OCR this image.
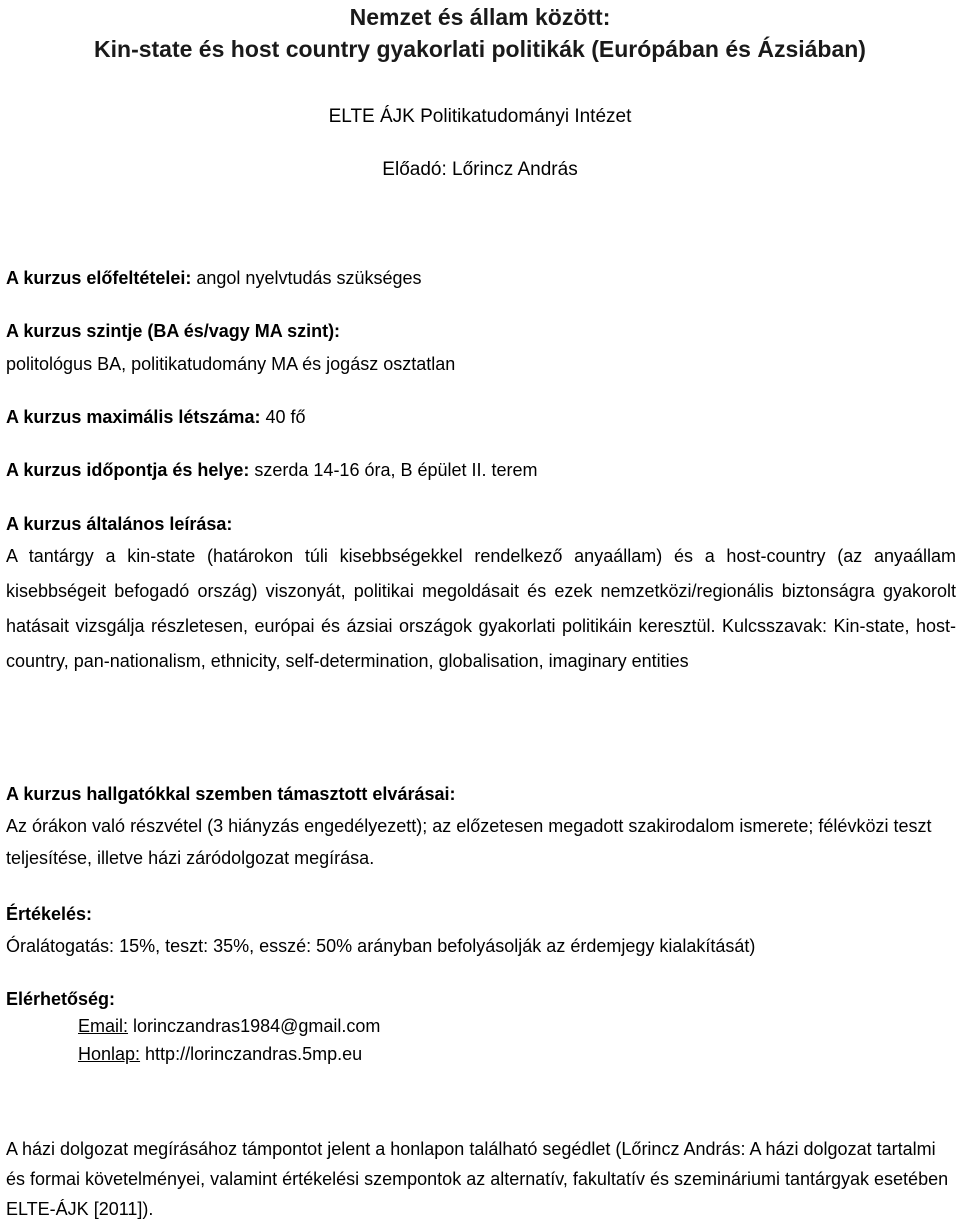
Nemzet és állam között:
Kin-state és host country gyakorlati politikák (Európában és Ázsiában)
ELTE ÁJK Politikatudományi Intézet
Előadó: Lőrincz András
A kurzus előfeltételei: angol nyelvtudás szükséges
A kurzus szintje (BA és/vagy MA szint):
politológus BA, politikatudomány MA és jogász osztatlan
A kurzus maximális létszáma: 40 fő
A kurzus időpontja és helye: szerda 14-16 óra, B épület II. terem
A kurzus általános leírása:
A tantárgy a kin-state (határokon túli kisebbségekkel rendelkező anyaállam) és a host-country (az anyaállam kisebbségeit befogadó ország) viszonyát, politikai megoldásait és ezek nemzetközi/regionális biztonságra gyakorolt hatásait vizsgálja részletesen, európai és ázsiai országok gyakorlati politikáin keresztül. Kulcsszavak: Kin-state, host-country, pan-nationalism, ethnicity, self-determination, globalisation, imaginary entities
A kurzus hallgatókkal szemben támasztott elvárásai:
Az órákon való részvétel (3 hiányzás engedélyezett); az előzetesen megadott szakirodalom ismerete; félévközi teszt teljesítése, illetve házi záródolgozat megírása.
Értékelés:
Óralátogatás: 15%, teszt: 35%, esszé: 50% arányban befolyásolják az érdemjegy kialakítását)
Elérhetőség:
Email: lorinczandras1984@gmail.com
Honlap: http://lorinczandras.5mp.eu
A házi dolgozat megírásához támpontot jelent a honlapon található segédlet (Lőrincz András: A házi dolgozat tartalmi és formai követelményei, valamint értékelési szempontok az alternatív, fakultatív és szemináriumi tantárgyak esetében ELTE-ÁJK [2011]).
